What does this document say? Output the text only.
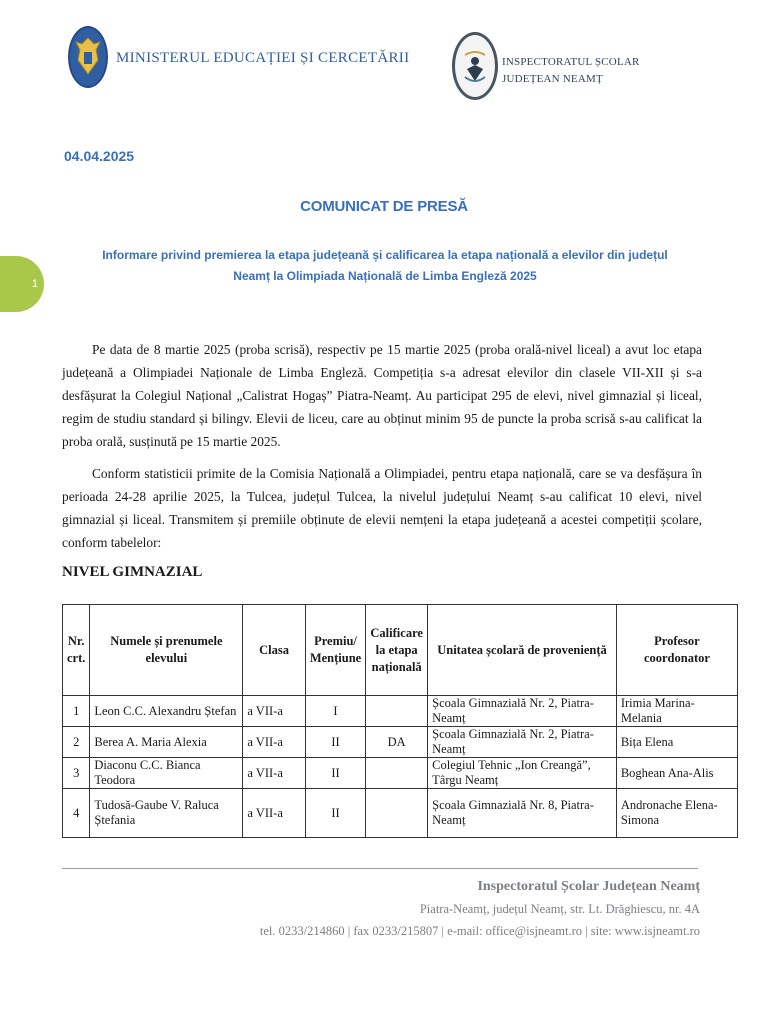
MINISTERUL EDUCAȚIEI ȘI CERCETĂRII	INSPECTORATUL ȘCOLAR
JUDEȚEAN NEAMȚ
04.04.2025
COMUNICAT DE PRESĂ
Informare privind premierea la etapa județeană și calificarea la etapa națională a elevilor din județul Neamț la Olimpiada Națională de Limba Engleză 2025
1

Pe data de 8 martie 2025 (proba scrisă), respectiv pe 15 martie 2025 (proba orală-nivel liceal) a avut loc etapa județeană a Olimpiadei Naționale de Limba Engleză. Competiția s-a adresat elevilor din clasele VII-XII și s-a desfășurat la Colegiul Național „Calistrat Hogaș” Piatra-Neamț. Au participat 295 de elevi, nivel gimnazial și liceal, regim de studiu standard și bilingv. Elevii de liceu, care au obținut minim 95 de puncte la proba scrisă s-au calificat la proba orală, susținută pe 15 martie 2025.

Conform statisticii primite de la Comisia Națională a Olimpiadei, pentru etapa națională, care se va desfășura în perioada 24-28 aprilie 2025, la Tulcea, județul Tulcea, la nivelul județului Neamț s-au calificat 10 elevi, nivel gimnazial și liceal. Transmitem și premiile obținute de elevii nemțeni la etapa județeană a acestei competiții școlare, conform tabelelor:

NIVEL GIMNAZIAL
Nr. crt.	Numele și prenumele elevului	Clasa	Premiu/ Mențiune	Calificare la etapa națională	Unitatea școlară de proveniență	Profesor coordonator
1	Leon C.C. Alexandru Ștefan	a VII-a	I		Școala Gimnazială Nr. 2, Piatra-Neamț	Irimia Marina-Melania
2	Berea A. Maria Alexia	a VII-a	II	DA	Școala Gimnazială Nr. 2, Piatra-Neamț	Bița Elena
3	Diaconu C.C. Bianca Teodora	a VII-a	II		Colegiul Tehnic „Ion Creangă”, Târgu Neamț	Boghean Ana-Alis
4	Tudosă-Gaube V. Raluca Ștefania	a VII-a	II		Școala Gimnazială Nr. 8, Piatra-Neamț	Andronache Elena-Simona
Inspectoratul Școlar Județean Neamț
Piatra-Neamț, județul Neamț, str. Lt. Drăghiescu, nr. 4A
tel. 0233/214860 | fax 0233/215807 | e-mail: office@isjneamt.ro | site: www.isjneamt.ro
